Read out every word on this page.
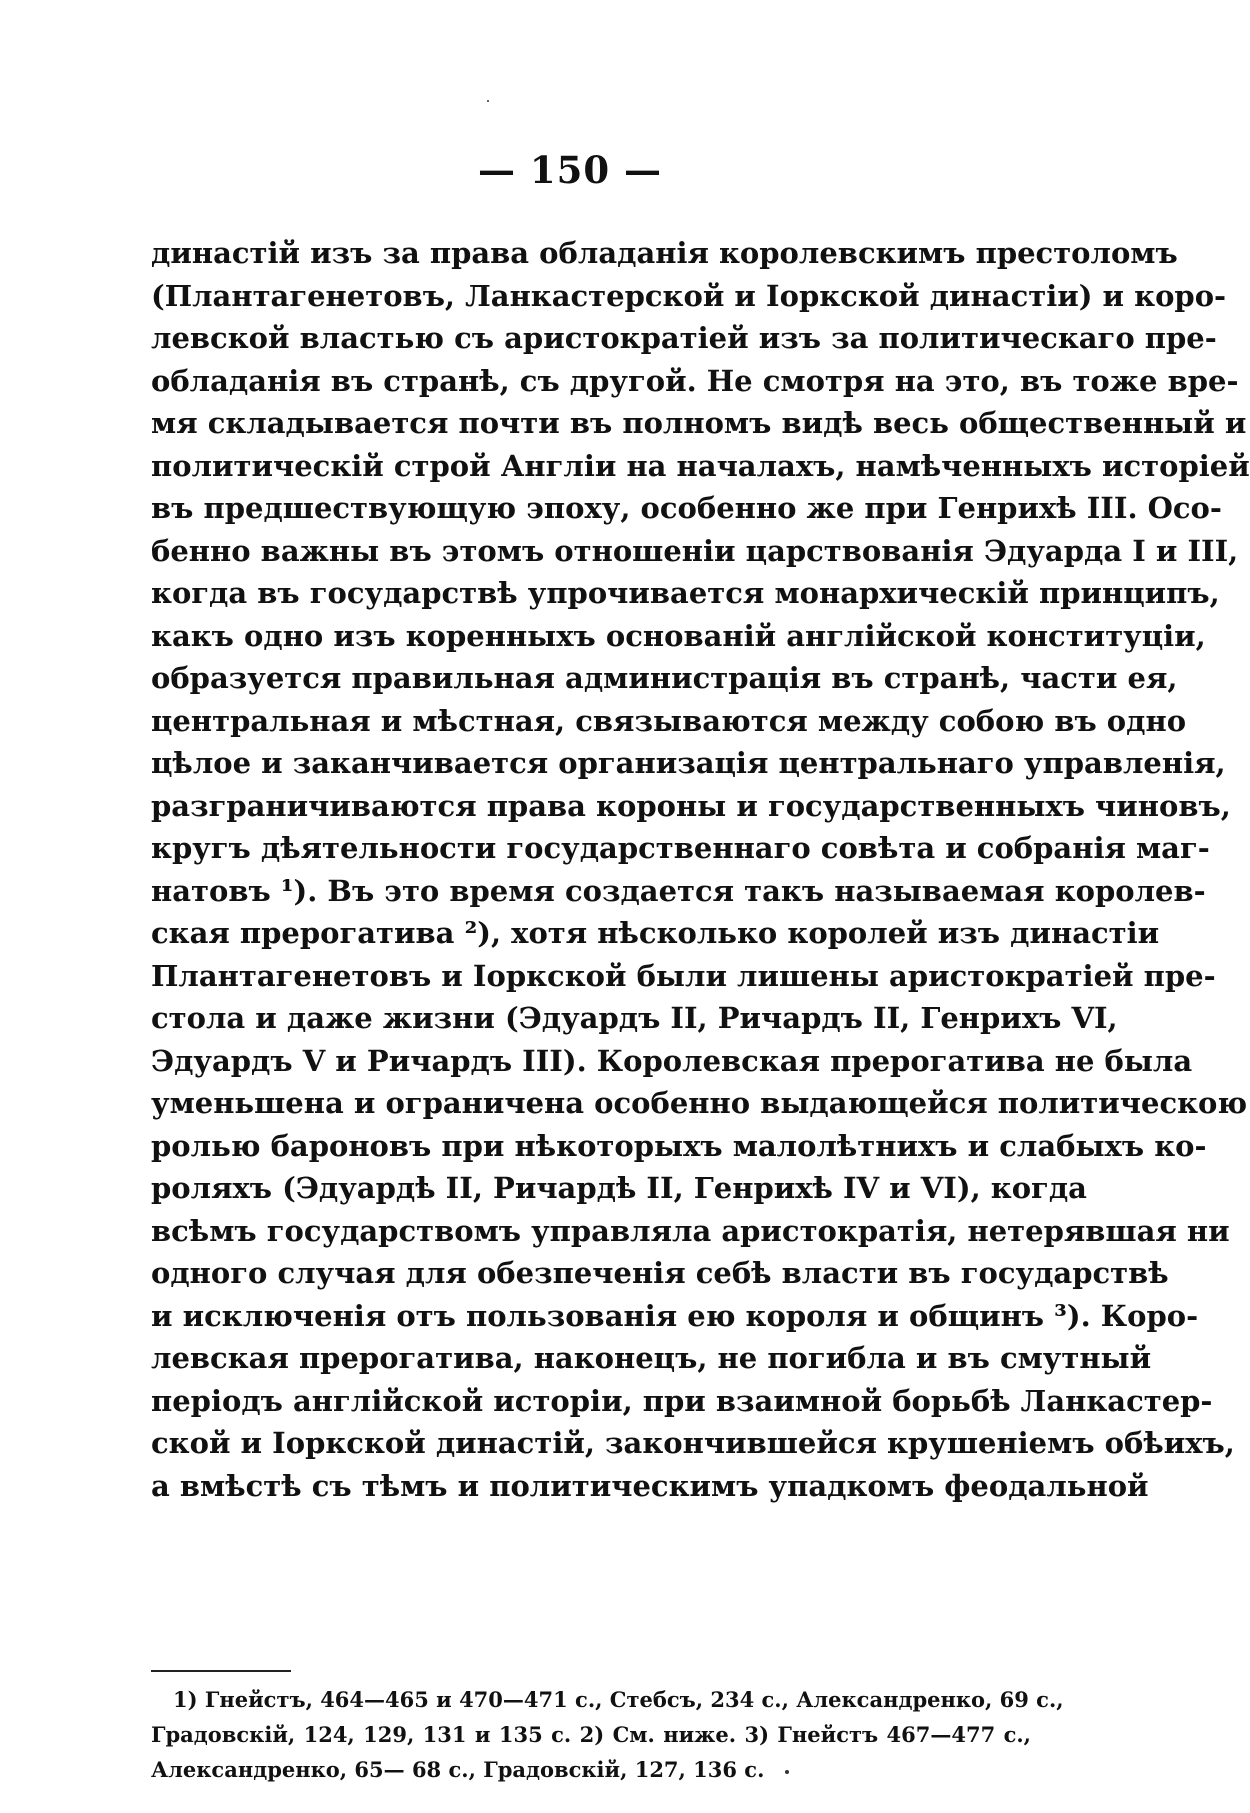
— 150 —
династій изъ за права обладанія королевскимъ престоломъ
(Плантагенетовъ, Ланкастерской и Іоркской династіи) и коро-
левской властью съ аристократіей изъ за политическаго пре-
обладанія въ странѣ, съ другой. Не смотря на это, въ тоже вре-
мя складывается почти въ полномъ видѣ весь общественный и
политическій строй Англіи на началахъ, намѣченныхъ исторіей
въ предшествующую эпоху, особенно же при Генрихѣ III. Осо-
бенно важны въ этомъ отношеніи царствованія Эдуарда I и III,
когда въ государствѣ упрочивается монархическій принципъ,
какъ одно изъ коренныхъ основаній англійской конституціи,
образуется правильная администрація въ странѣ, части ея,
центральная и мѣстная, связываются между собою въ одно
цѣлое и заканчивается организація центральнаго управленія,
разграничиваются права короны и государственныхъ чиновъ,
кругъ дѣятельности государственнаго совѣта и собранія маг-
натовъ ¹). Въ это время создается такъ называемая королев-
ская прерогатива ²), хотя нѣсколько королей изъ династіи
Плантагенетовъ и Іоркской были лишены аристократіей пре-
стола и даже жизни (Эдуардъ II, Ричардъ II, Генрихъ VI,
Эдуардъ V и Ричардъ III). Королевская прерогатива не была
уменьшена и ограничена особенно выдающейся политическою
ролью бароновъ при нѣкоторыхъ малолѣтнихъ и слабыхъ ко-
роляхъ (Эдуардѣ II, Ричардѣ II, Генрихѣ IV и VI), когда
всѣмъ государствомъ управляла аристократія, нетерявшая ни
одного случая для обезпеченія себѣ власти въ государствѣ
и исключенія отъ пользованія ею короля и общинъ ³). Коро-
левская прерогатива, наконецъ, не погибла и въ смутный
періодъ англійской исторіи, при взаимной борьбѣ Ланкастер-
ской и Іоркской династій, закончившейся крушеніемъ обѣихъ,
а вмѣстѣ съ тѣмъ и политическимъ упадкомъ феодальной
1) Гнейстъ, 464—465 и 470—471 с., Стебсъ, 234 с., Александренко, 69 с.,
Градовскій, 124, 129, 131 и 135 с. 2) См. ниже. 3) Гнейстъ 467—477 с.,
Александренко, 65— 68 с., Градовскій, 127, 136 с.
